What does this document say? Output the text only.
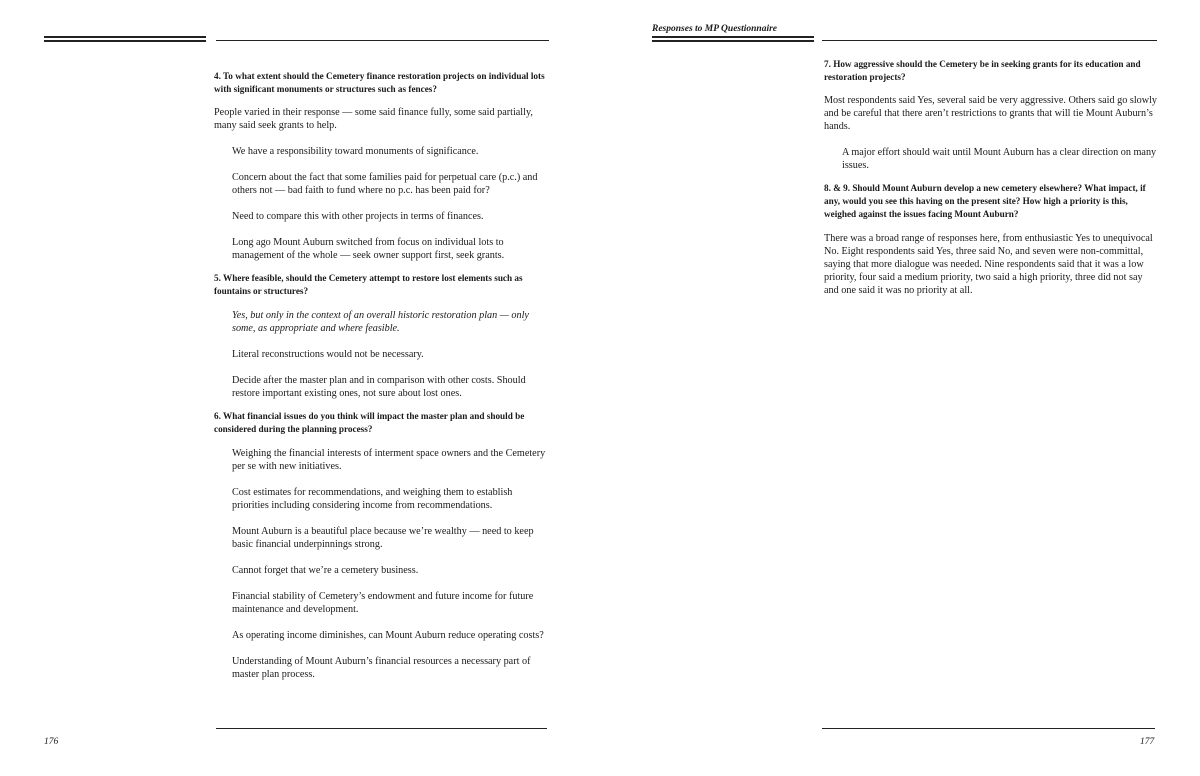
Responses to MP Questionnaire

4. To what extent should the Cemetery finance restoration projects on individual lots with significant monuments or structures such as fences?

People varied in their response — some said finance fully, some said partially, many said seek grants to help.

We have a responsibility toward monuments of significance.

Concern about the fact that some families paid for perpetual care (p.c.) and others not — bad faith to fund where no p.c. has been paid for?

Need to compare this with other projects in terms of finances.

Long ago Mount Auburn switched from focus on individual lots to management of the whole — seek owner support first, seek grants.

5. Where feasible, should the Cemetery attempt to restore lost elements such as fountains or structures?

Yes, but only in the context of an overall historic restoration plan — only some, as appropriate and where feasible.

Literal reconstructions would not be necessary.

Decide after the master plan and in comparison with other costs. Should restore important existing ones, not sure about lost ones.

6. What financial issues do you think will impact the master plan and should be considered during the planning process?

Weighing the financial interests of interment space owners and the Cemetery per se with new initiatives.

Cost estimates for recommendations, and weighing them to establish priorities including considering income from recommendations.

Mount Auburn is a beautiful place because we’re wealthy — need to keep basic financial underpinnings strong.

Cannot forget that we’re a cemetery business.

Financial stability of Cemetery’s endowment and future income for future maintenance and development.

As operating income diminishes, can Mount Auburn reduce operating costs?

Understanding of Mount Auburn’s financial resources a necessary part of master plan process.

7. How aggressive should the Cemetery be in seeking grants for its education and restoration projects?

Most respondents said Yes, several said be very aggressive. Others said go slowly and be careful that there aren’t restrictions to grants that will tie Mount Auburn’s hands.

A major effort should wait until Mount Auburn has a clear direction on many issues.

8. & 9. Should Mount Auburn develop a new cemetery elsewhere? What impact, if any, would you see this having on the present site? How high a priority is this, weighed against the issues facing Mount Auburn?

There was a broad range of responses here, from enthusiastic Yes to unequivocal No. Eight respondents said Yes, three said No, and seven were non-committal, saying that more dialogue was needed. Nine respondents said that it was a low priority, four said a medium priority, two said a high priority, three did not say and one said it was no priority at all.

176	177
